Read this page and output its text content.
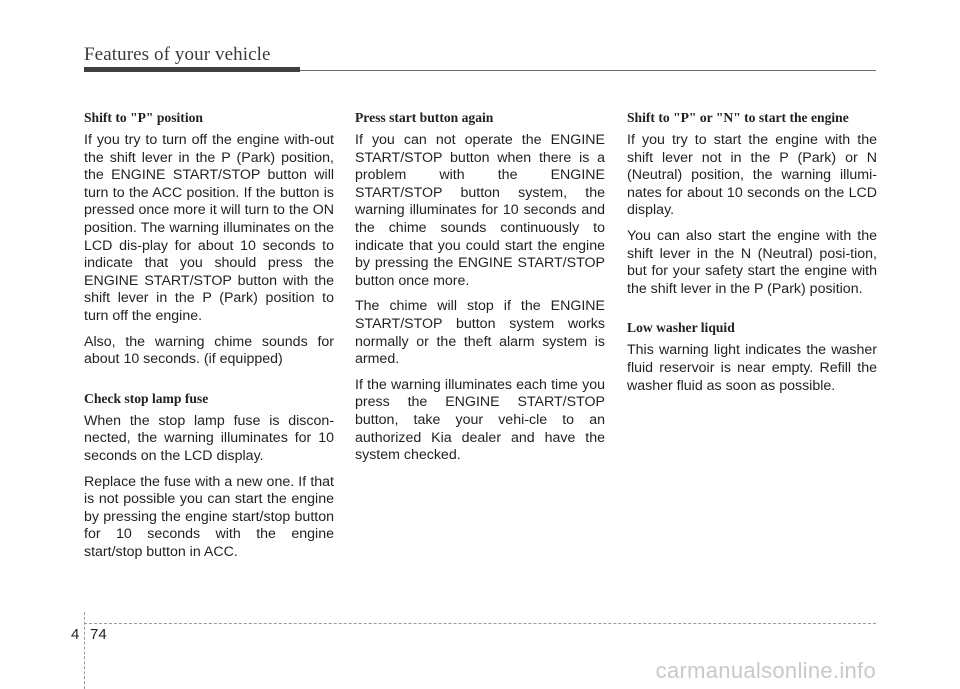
Features of your vehicle
Shift to "P" position

If you try to turn off the engine with-out the shift lever in the P (Park) position, the ENGINE START/STOP button will turn to the ACC position. If the button is pressed once more it will turn to the ON position. The warning illuminates on the LCD dis-play for about 10 seconds to indicate that you should press the ENGINE START/STOP button with the shift lever in the P (Park) position to turn off the engine.

Also, the warning chime sounds for about 10 seconds. (if equipped)

Check stop lamp fuse

When the stop lamp fuse is discon-nected, the warning illuminates for 10 seconds on the LCD display.

Replace the fuse with a new one. If that is not possible you can start the engine by pressing the engine start/stop button for 10 seconds with the engine start/stop button in ACC.

Press start button again

If you can not operate the ENGINE START/STOP button when there is a problem with the ENGINE START/STOP button system, the warning illuminates for 10 seconds and the chime sounds continuously to indicate that you could start the engine by pressing the ENGINE START/STOP button once more.

The chime will stop if the ENGINE START/STOP button system works normally or the theft alarm system is armed.

If the warning illuminates each time you press the ENGINE START/STOP button, take your vehi-cle to an authorized Kia dealer and have the system checked.

Shift to "P" or "N" to start the engine

If you try to start the engine with the shift lever not in the P (Park) or N (Neutral) position, the warning illumi-nates for about 10 seconds on the LCD display.

You can also start the engine with the shift lever in the N (Neutral) posi-tion, but for your safety start the engine with the shift lever in the P (Park) position.

Low washer liquid

This warning light indicates the washer fluid reservoir is near empty. Refill the washer fluid as soon as possible.

4 74
carmanualsonline.info
